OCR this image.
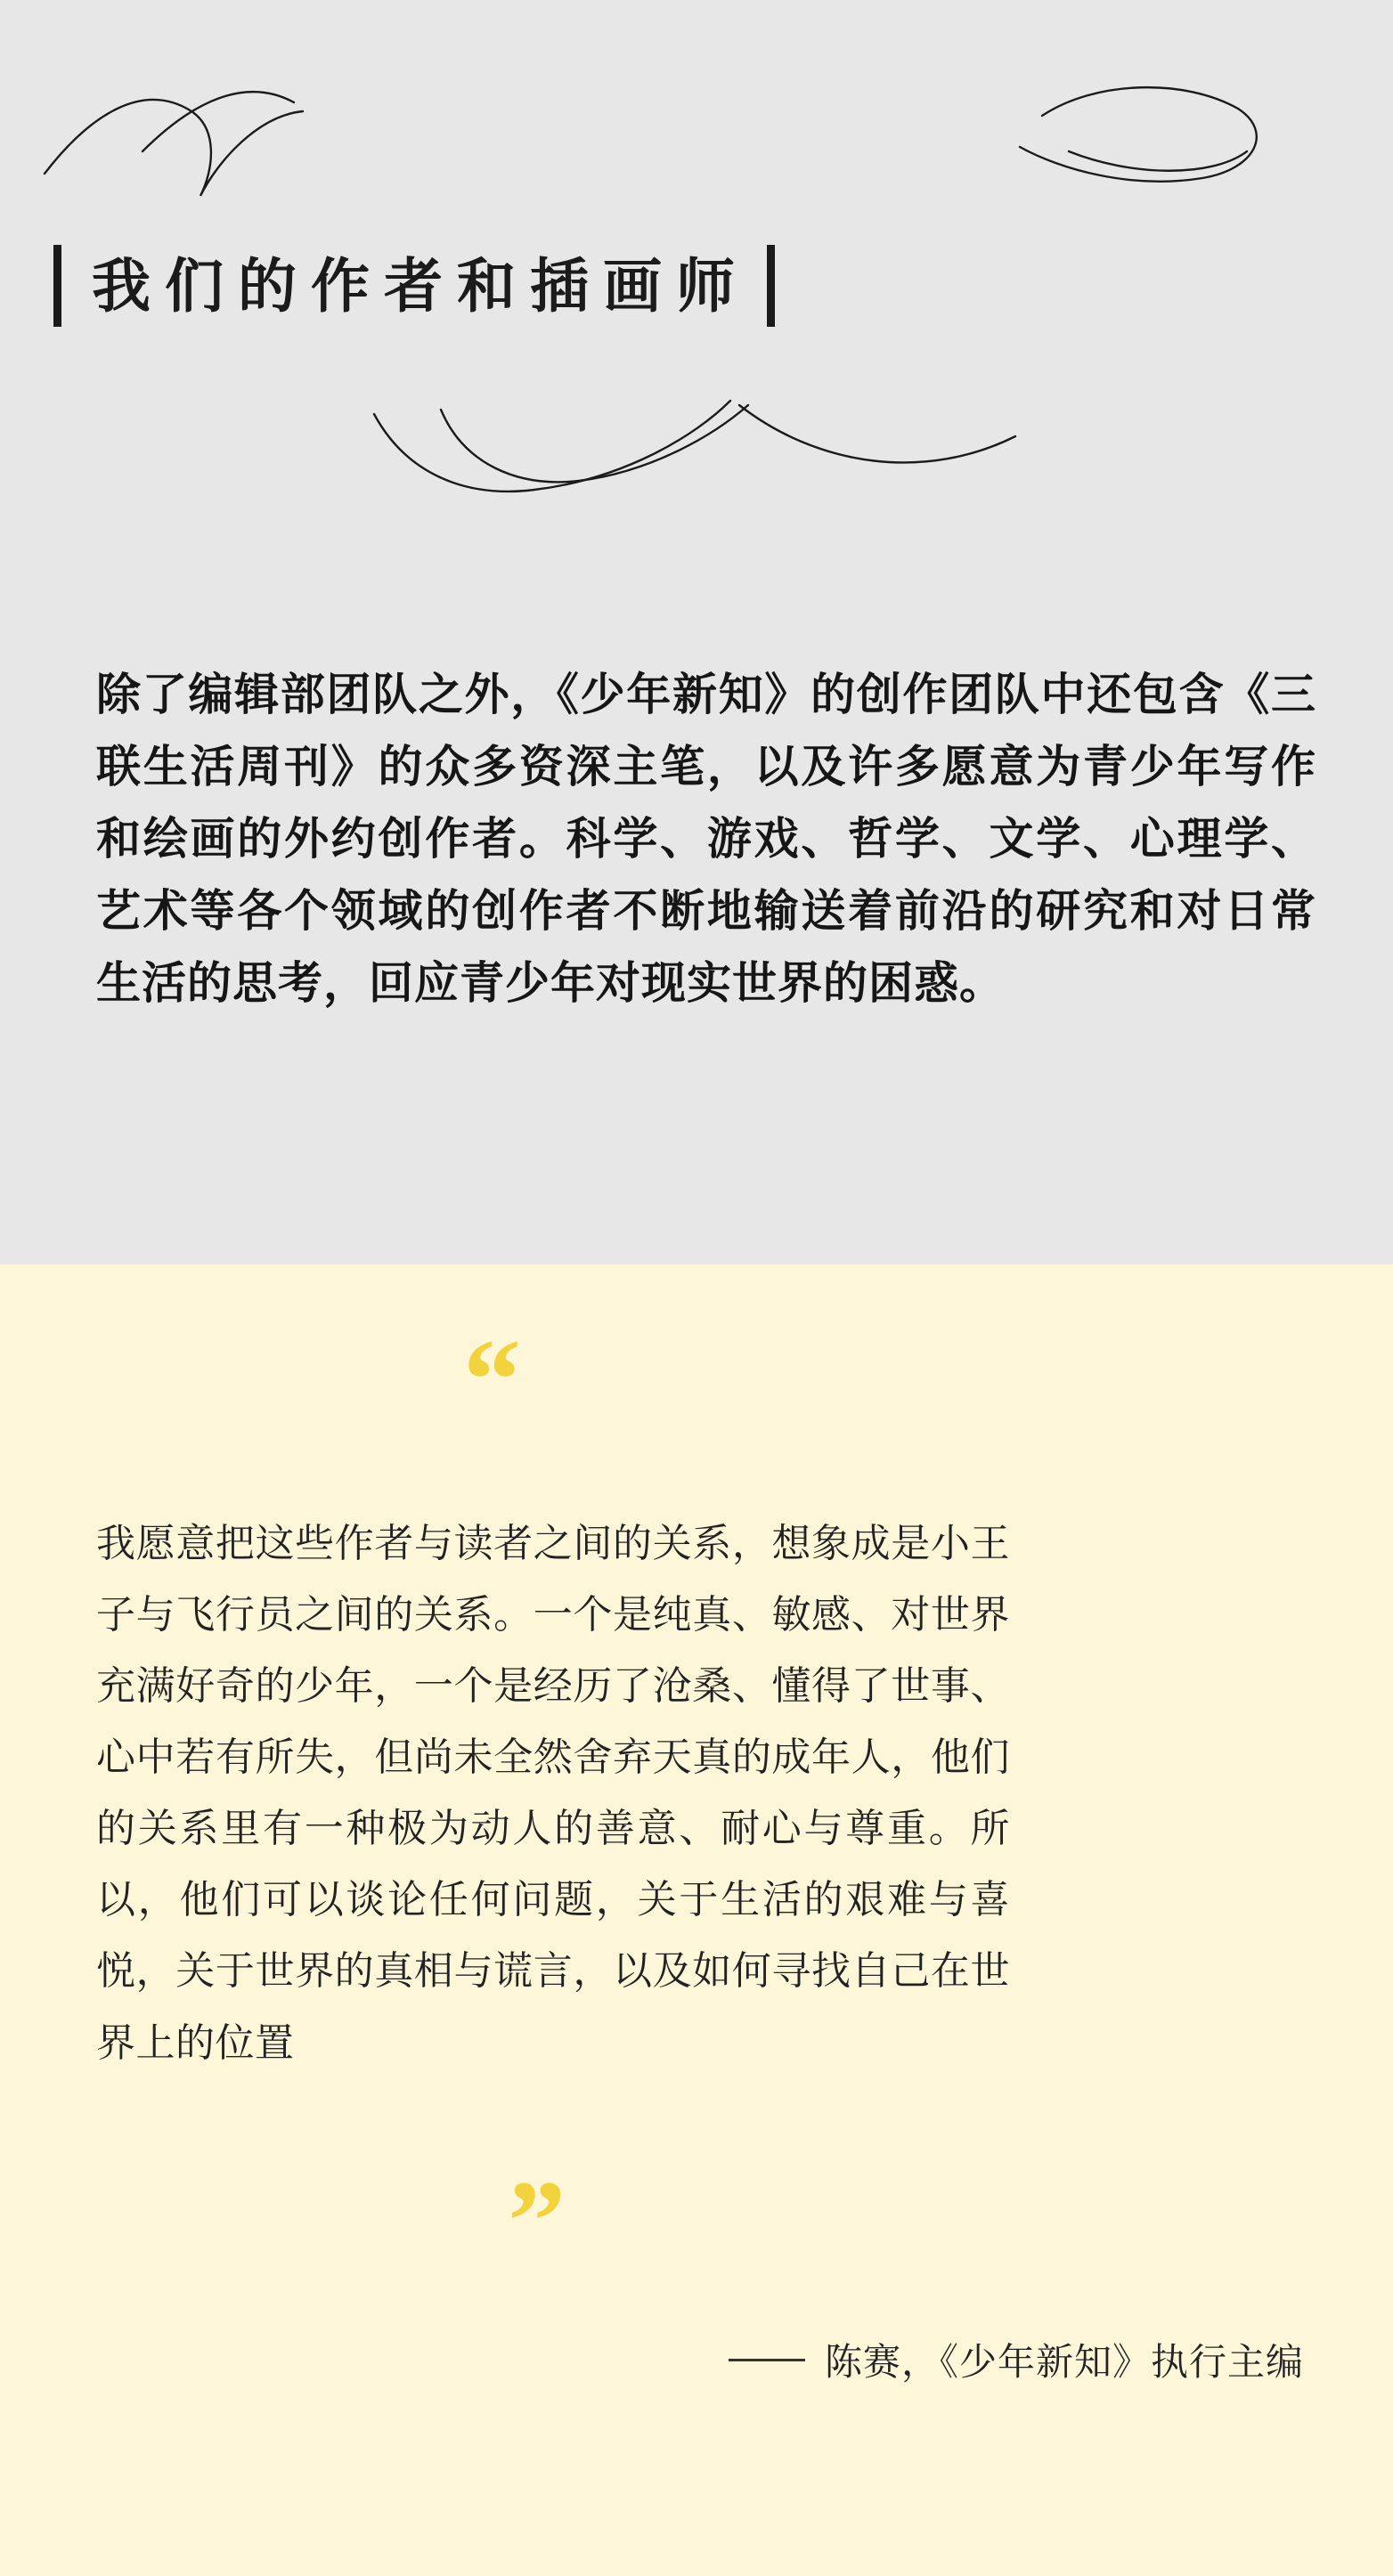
我们的作者和插画师

除了编辑部团队之外，《少年新知》的创作团队中还包含《三联生活周刊》的众多资深主笔，以及许多愿意为青少年写作和绘画的外约创作者。科学、游戏、哲学、文学、心理学、艺术等各个领域的创作者不断地输送着前沿的研究和对日常生活的思考，回应青少年对现实世界的困惑。

“

我愿意把这些作者与读者之间的关系，想象成是小王子与飞行员之间的关系。一个是纯真、敏感、对世界充满好奇的少年，一个是经历了沧桑、懂得了世事、心中若有所失，但尚未全然舍弃天真的成年人，他们的关系里有一种极为动人的善意、耐心与尊重。所以，他们可以谈论任何问题，关于生活的艰难与喜悦，关于世界的真相与谎言，以及如何寻找自己在世界上的位置

”
陈赛，《少年新知》执行主编
